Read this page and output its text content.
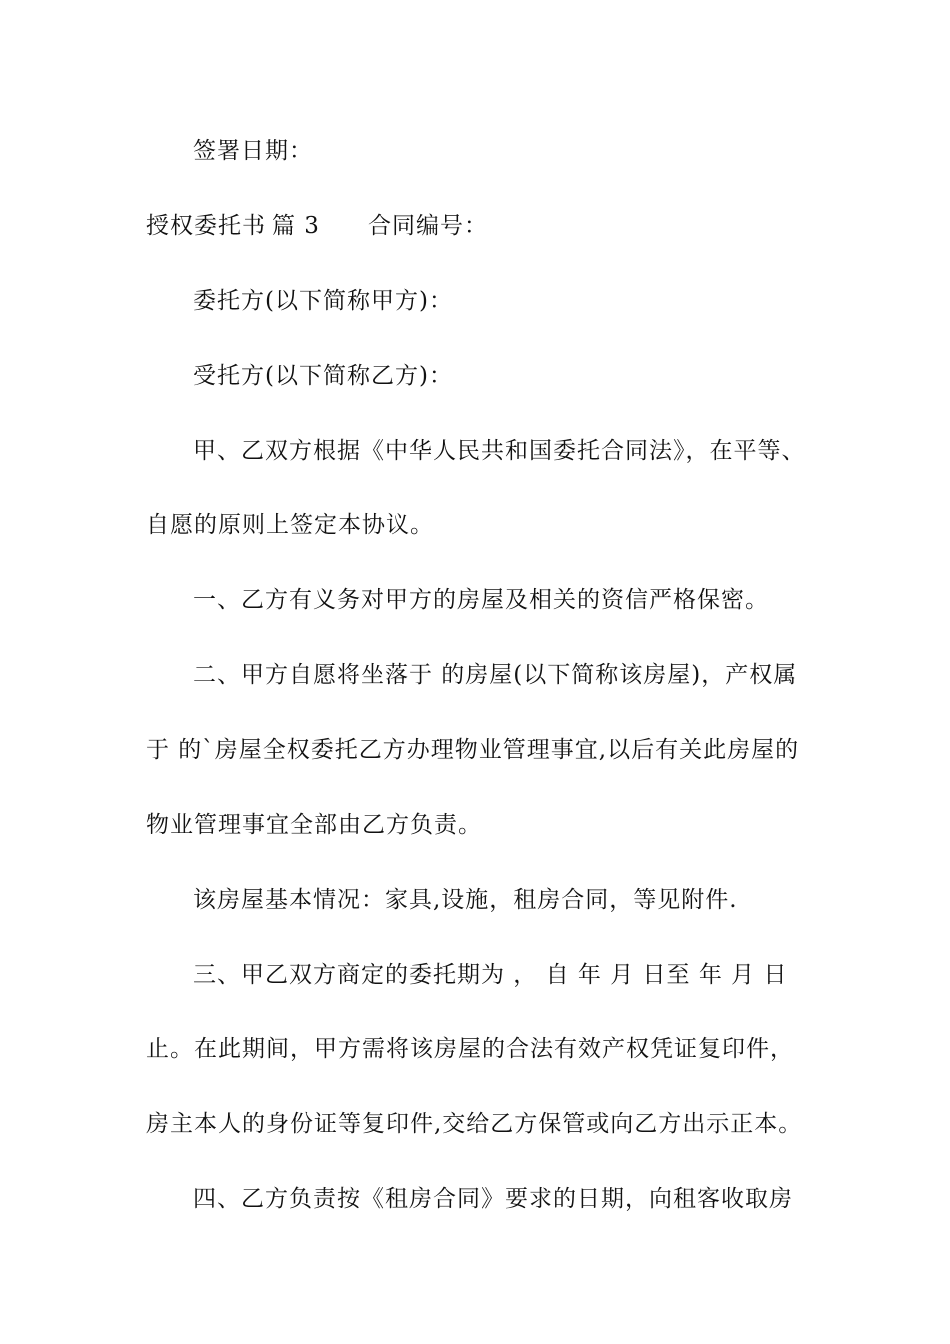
签署日期：
授权委托书 篇 3 合同编号：
委托方(以下简称甲方)：
受托方(以下简称乙方)：
甲、乙双方根据《中华人民共和国委托合同法》，在平等、
自愿的原则上签定本协议。
一、乙方有义务对甲方的房屋及相关的资信严格保密。
二、甲方自愿将坐落于 的房屋(以下简称该房屋)，产权属
于 的`房屋全权委托乙方办理物业管理事宜,以后有关此房屋的
物业管理事宜全部由乙方负责。
该房屋基本情况：家具,设施，租房合同，等见附件.
三、甲乙双方商定的委托期为 ， 自 年 月 日至 年 月 日
止。在此期间，甲方需将该房屋的合法有效产权凭证复印件，
房主本人的身份证等复印件,交给乙方保管或向乙方出示正本。
四、乙方负责按《租房合同》要求的日期，向租客收取房
